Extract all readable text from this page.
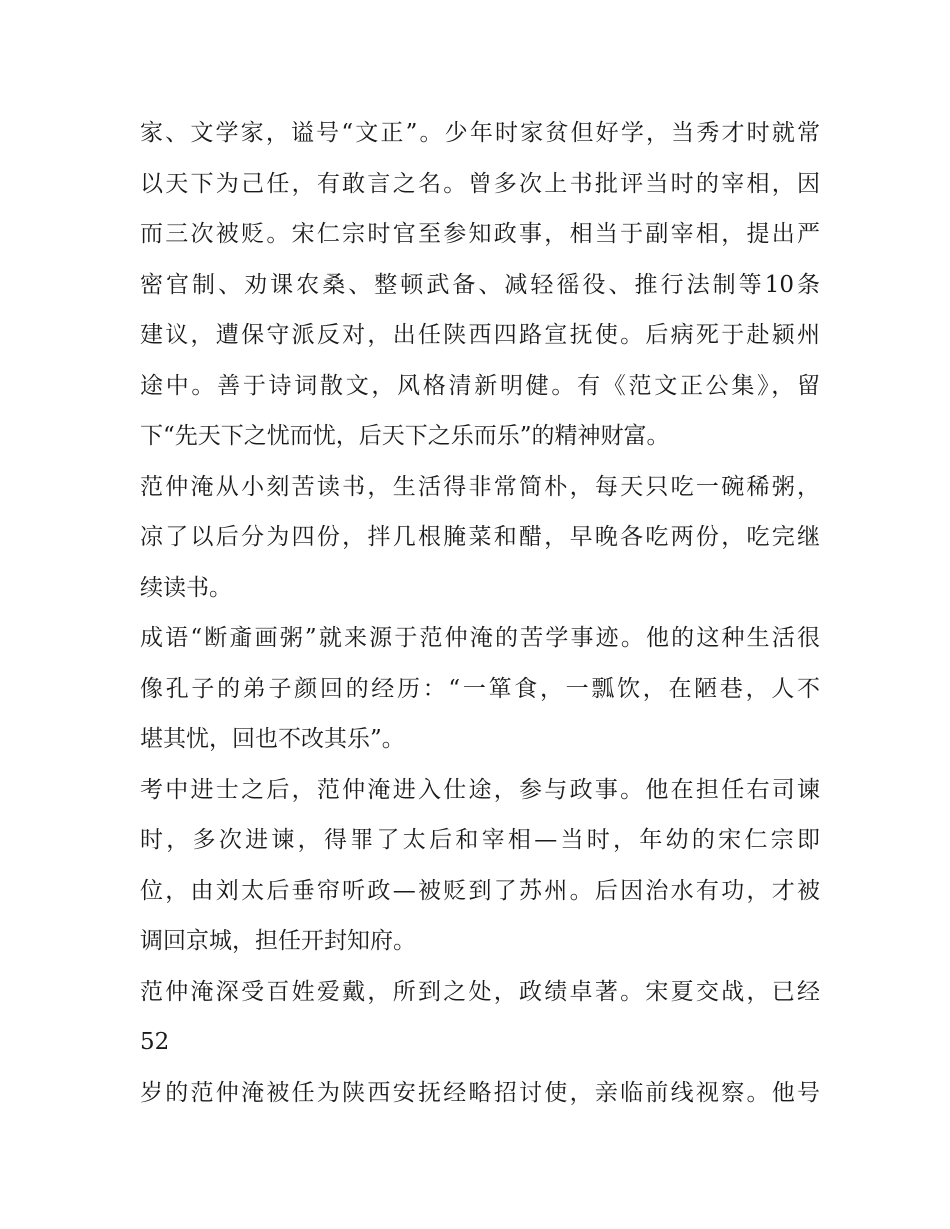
家、文学家，谥号“文正”。少年时家贫但好学，当秀才时就常
以天下为己任，有敢言之名。曾多次上书批评当时的宰相，因
而三次被贬。宋仁宗时官至参知政事，相当于副宰相，提出严
密官制、劝课农桑、整顿武备、减轻徭役、推行法制等10条
建议，遭保守派反对，出任陕西四路宣抚使。后病死于赴颍州
途中。善于诗词散文，风格清新明健。有《范文正公集》，留
下“先天下之忧而忧，后天下之乐而乐”的精神财富。
范仲淹从小刻苦读书，生活得非常简朴，每天只吃一碗稀粥，
凉了以后分为四份，拌几根腌菜和醋，早晚各吃两份，吃完继
续读书。
成语“断齑画粥”就来源于范仲淹的苦学事迹。他的这种生活很
像孔子的弟子颜回的经历：“一箪食，一瓢饮，在陋巷，人不
堪其忧，回也不改其乐”。
考中进士之后，范仲淹进入仕途，参与政事。他在担任右司谏
时，多次进谏，得罪了太后和宰相—当时，年幼的宋仁宗即
位，由刘太后垂帘听政—被贬到了苏州。后因治水有功，才被
调回京城，担任开封知府。
范仲淹深受百姓爱戴，所到之处，政绩卓著。宋夏交战，已经
52
岁的范仲淹被任为陕西安抚经略招讨使，亲临前线视察。他号
